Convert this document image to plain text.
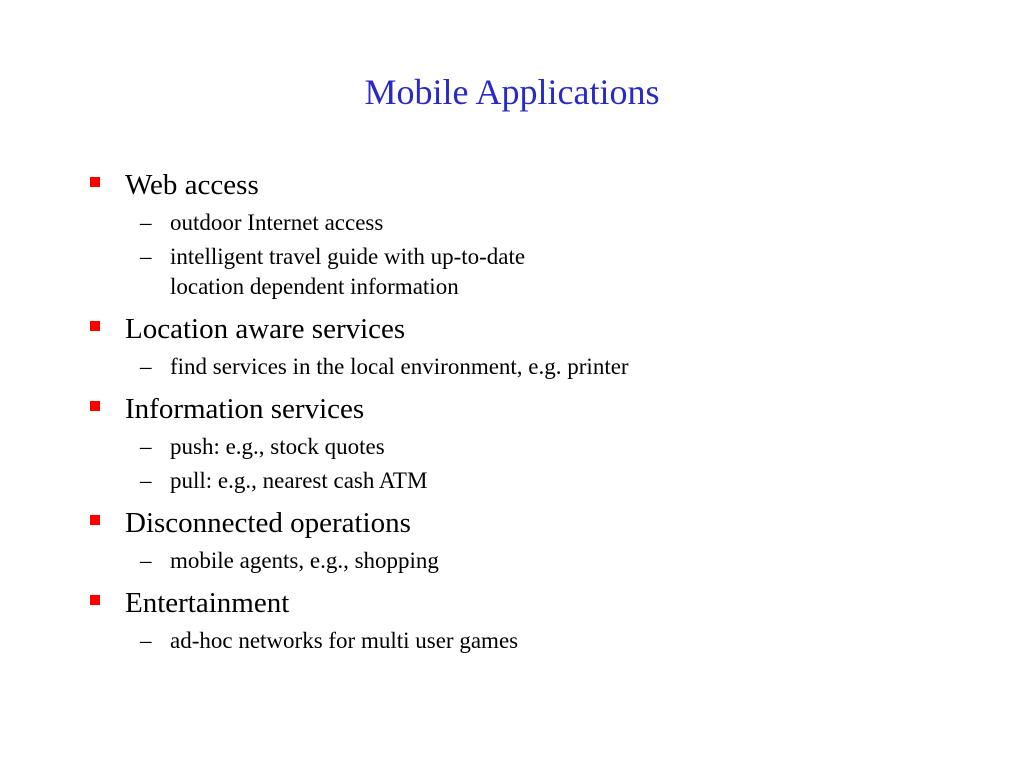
Mobile Applications
Web access
– outdoor Internet access
– intelligent travel guide with up-to-date
location dependent information
Location aware services
– find services in the local environment, e.g. printer
Information services
– push: e.g., stock quotes
– pull: e.g., nearest cash ATM
Disconnected operations
– mobile agents, e.g., shopping
Entertainment
– ad-hoc networks for multi user games
